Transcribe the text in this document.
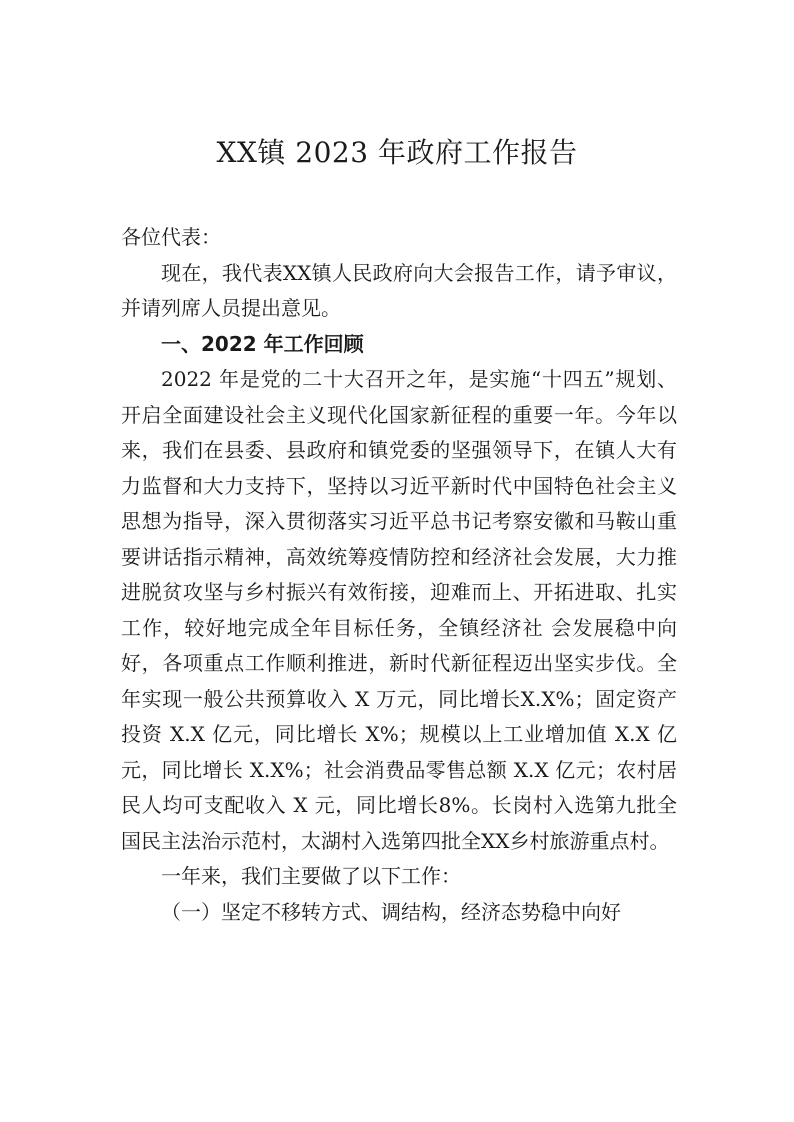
XX镇 2023 年政府工作报告

各位代表：

现在，我代表XX镇人民政府向大会报告工作，请予审议，并请列席人员提出意见。

一、2022 年工作回顾

2022 年是党的二十大召开之年，是实施“十四五”规划、开启全面建设社会主义现代化国家新征程的重要一年。今年以来，我们在县委、县政府和镇党委的坚强领导下，在镇人大有力监督和大力支持下，坚持以习近平新时代中国特色社会主义思想为指导，深入贯彻落实习近平总书记考察安徽和马鞍山重要讲话指示精神，高效统筹疫情防控和经济社会发展，大力推进脱贫攻坚与乡村振兴有效衔接，迎难而上、开拓进取、扎实工作，较好地完成全年目标任务，全镇经济社 会发展稳中向好，各项重点工作顺利推进，新时代新征程迈出坚实步伐。全年实现一般公共预算收入 X 万元，同比增长X.X%；固定资产投资 X.X 亿元，同比增长 X%；规模以上工业增加值 X.X 亿元，同比增长 X.X%；社会消费品零售总额 X.X 亿元；农村居民人均可支配收入 X 元，同比增长8%。长岗村入选第九批全国民主法治示范村，太湖村入选第四批全XX乡村旅游重点村。

一年来，我们主要做了以下工作：

（一）坚定不移转方式、调结构，经济态势稳中向好
